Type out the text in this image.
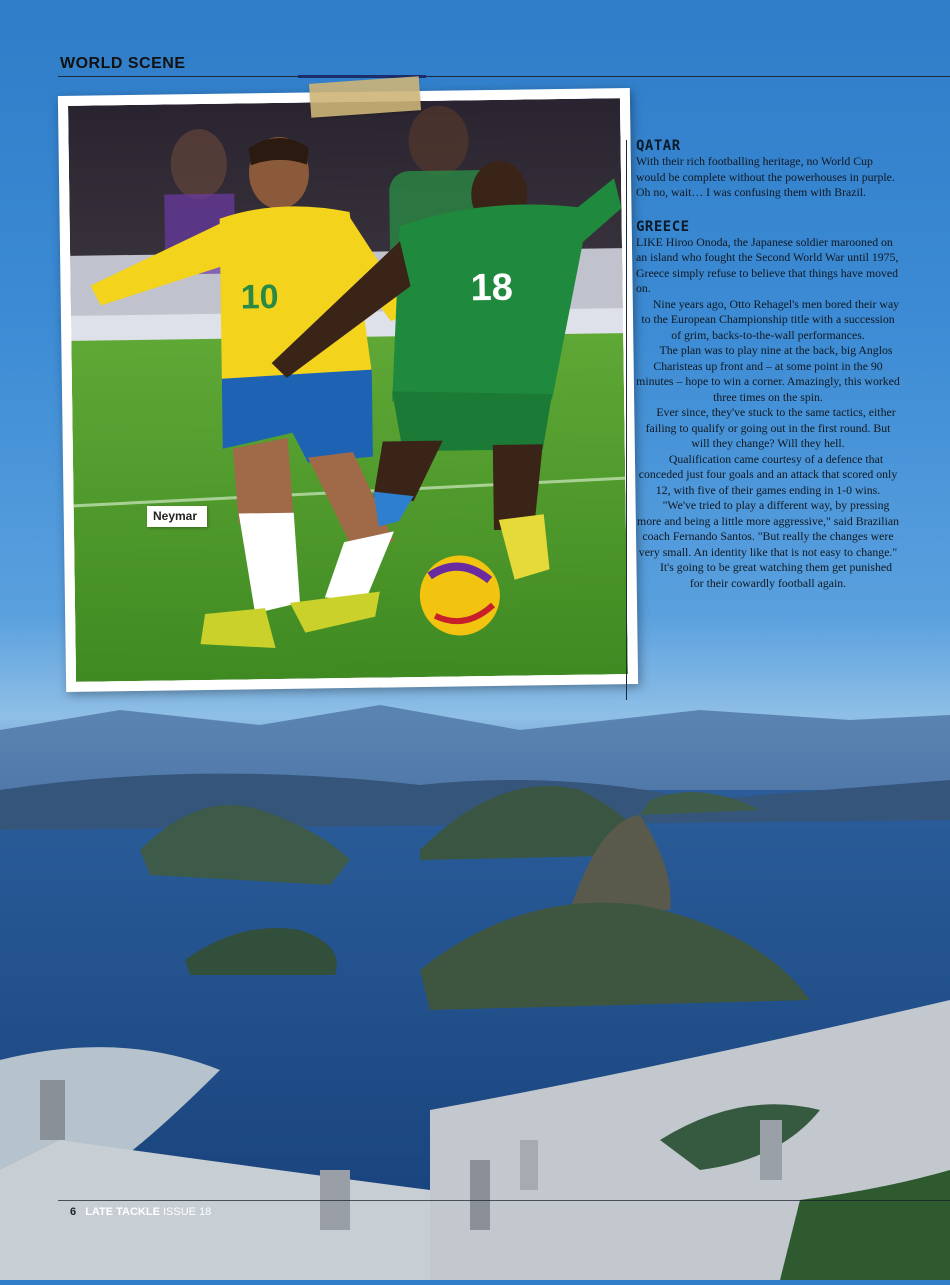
WORLD SCENE
10	18
Neymar
QATAR

With their rich footballing heritage, no World Cup would be complete without the powerhouses in purple. Oh no, wait… I was confusing them with Brazil.

GREECE

LIKE Hiroo Onoda, the Japanese soldier marooned on an island who fought the Second World War until 1975, Greece simply refuse to believe that things have moved on.

Nine years ago, Otto Rehagel's men bored their way to the European Championship title with a succession of grim, backs-to-the-wall performances.

The plan was to play nine at the back, big Anglos Charisteas up front and – at some point in the 90 minutes – hope to win a corner. Amazingly, this worked three times on the spin.

Ever since, they've stuck to the same tactics, either failing to qualify or going out in the first round. But will they change? Will they hell.

Qualification came courtesy of a defence that conceded just four goals and an attack that scored only 12, with five of their games ending in 1-0 wins.

"We've tried to play a different way, by pressing more and being a little more aggressive," said Brazilian coach Fernando Santos. "But really the changes were very small. An identity like that is not easy to change."

It's going to be great watching them get punished for their cowardly football again.

6 LATE TACKLE ISSUE 18
